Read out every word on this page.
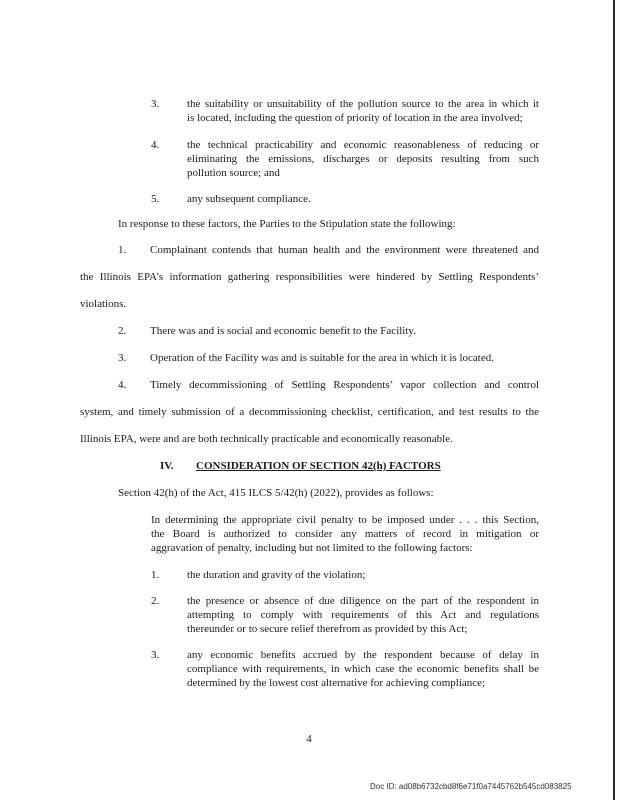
3.	the suitability or unsuitability of the pollution source to the area in which it
is located, including the question of priority of location in the area involved;
4.	the technical practicability and economic reasonableness of reducing or
eliminating the emissions, discharges or deposits resulting from such
pollution source; and
5.	any subsequent compliance.
In response to these factors, the Parties to the Stipulation state the following:
1. Complainant contends that human health and the environment were threatened and
the Illinois EPA’s information gathering responsibilities were hindered by Settling Respondents’
violations.
2. There was and is social and economic benefit to the Facility.
3. Operation of the Facility was and is suitable for the area in which it is located.
4. Timely decommissioning of Settling Respondents’ vapor collection and control
system, and timely submission of a decommissioning checklist, certification, and test results to the
Illinois EPA, were and are both technically practicable and economically reasonable.
IV. CONSIDERATION OF SECTION 42(h) FACTORS
Section 42(h) of the Act, 415 ILCS 5/42(h) (2022), provides as follows:
In determining the appropriate civil penalty to be imposed under . . . this Section,
the Board is authorized to consider any matters of record in mitigation or
aggravation of penalty, including but not limited to the following factors:
1.	the duration and gravity of the violation;
2.	the presence or absence of due diligence on the part of the respondent in
attempting to comply with requirements of this Act and regulations
thereunder or to secure relief therefrom as provided by this Act;
3.	any economic benefits accrued by the respondent because of delay in
compliance with requirements, in which case the economic benefits shall be
determined by the lowest cost alternative for achieving compliance;
4
Doc ID: ad08b6732cbd8f6e71f0a7445762b545cd083825
